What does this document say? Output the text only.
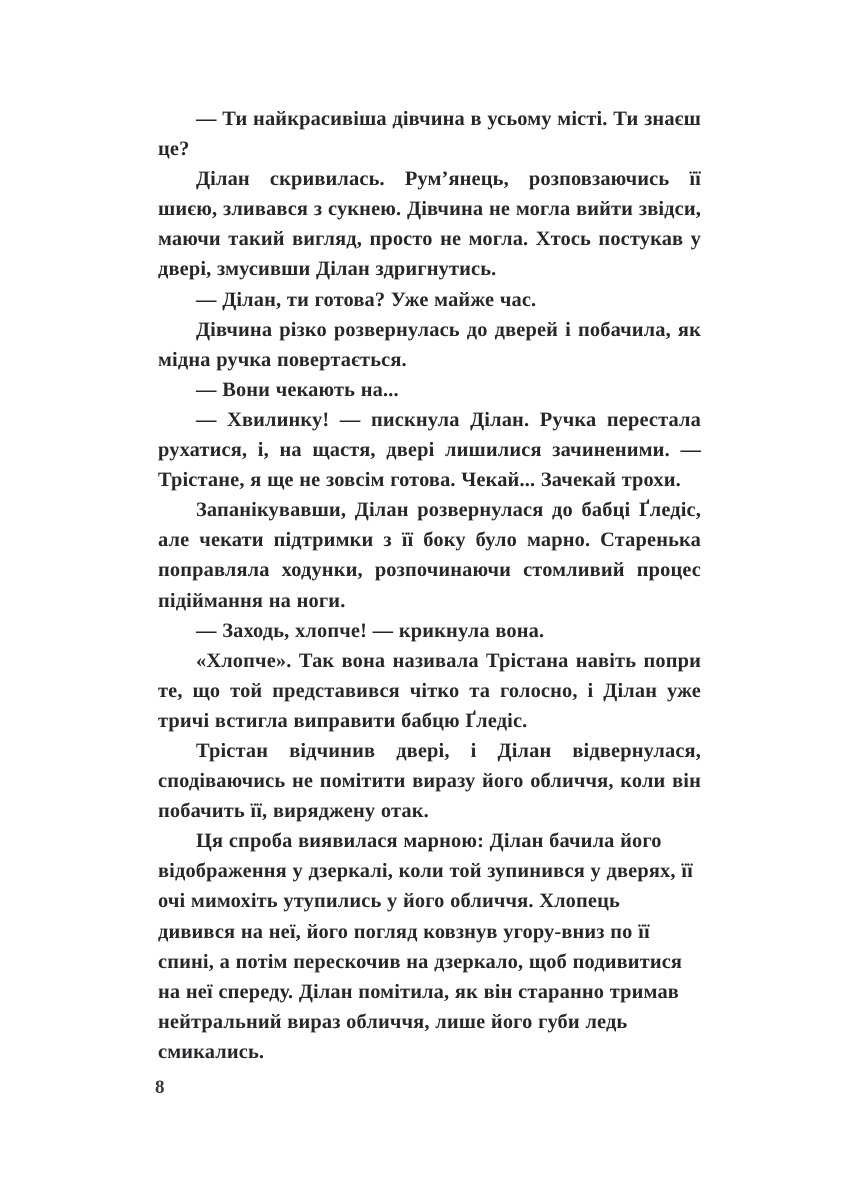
— Ти найкрасивіша дівчина в усьому місті. Ти знаєш це?

Ділан скривилась. Рум’янець, розповзаючись її шиєю, зливався з сукнею. Дівчина не могла вийти звідси, маючи такий вигляд, просто не могла. Хтось постукав у двері, змусивши Ділан здригнутись.

— Ділан, ти готова? Уже майже час.

Дівчина різко розвернулась до дверей і побачила, як мідна ручка повертається.

— Вони чекають на...

— Хвилинку! — пискнула Ділан. Ручка перестала рухатися, і, на щастя, двері лишилися зачиненими. — Трістане, я ще не зовсім готова. Чекай... Зачекай трохи.

Запанікувавши, Ділан розвернулася до бабці Ґледіс, але чекати підтримки з її боку було марно. Старенька поправляла ходунки, розпочинаючи стомливий процес підіймання на ноги.

— Заходь, хлопче! — крикнула вона.

«Хлопче». Так вона називала Трістана навіть попри те, що той представився чітко та голосно, і Ділан уже тричі встигла виправити бабцю Ґледіс.

Трістан відчинив двері, і Ділан відвернулася, сподіваючись не помітити виразу його обличчя, коли він побачить її, виряджену отак.

Ця спроба виявилася марною: Ділан бачила його відображення у дзеркалі, коли той зупинився у дверях, її очі мимохіть утупились у його обличчя. Хлопець дивився на неї, його погляд ковзнув угору-вниз по її спині, а потім перескочив на дзеркало, щоб подивитися на неї спереду. Ділан помітила, як він старанно тримав нейтральний вираз обличчя, лише його губи ледь смикались.

8
